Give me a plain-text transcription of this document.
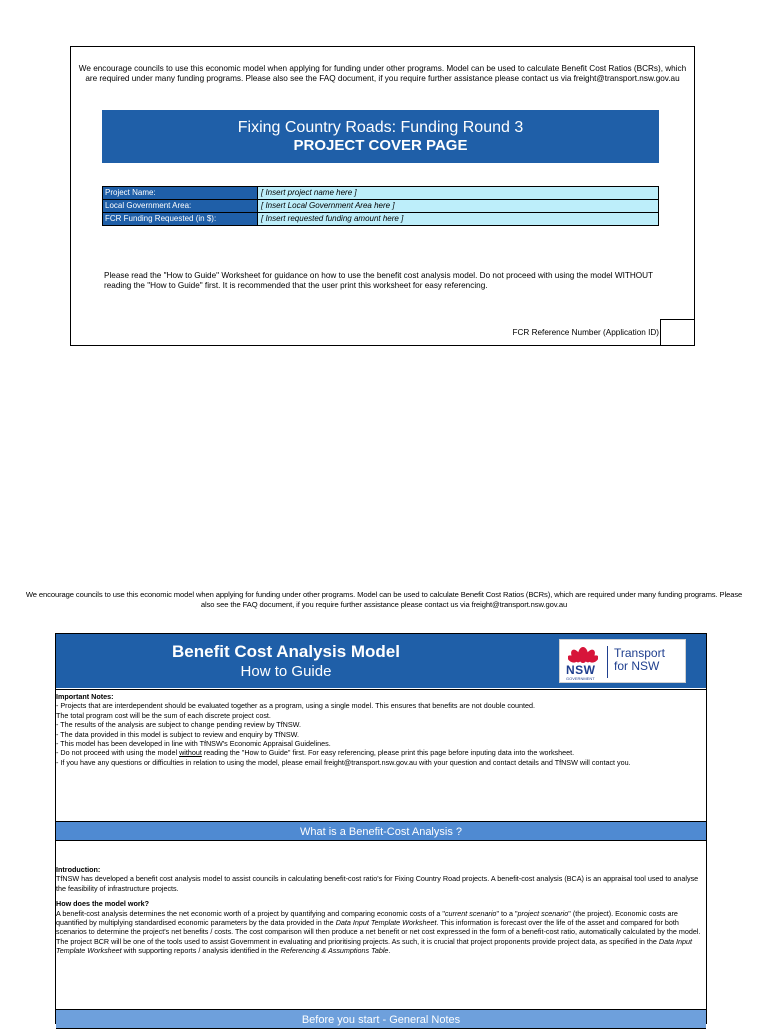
We encourage councils to use this economic model when applying for funding under other programs. Model can be used to calculate Benefit Cost Ratios (BCRs), which are required under many funding programs. Please also see the FAQ document, if you require further assistance please contact us via freight@transport.nsw.gov.au
Fixing Country Roads: Funding Round 3
PROJECT COVER PAGE
Project Name:	[ Insert project name here ]
Local Government Area:	[ Insert Local Government Area here ]
FCR Funding Requested (in $):	[ Insert requested funding amount here ]
Please read the "How to Guide" Worksheet for guidance on how to use the benefit cost analysis model. Do not proceed with using the model WITHOUT reading the "How to Guide" first. It is recommended that the user print this worksheet for easy referencing.
FCR Reference Number (Application ID)
We encourage councils to use this economic model when applying for funding under other programs. Model can be used to calculate Benefit Cost Ratios (BCRs), which are required under many funding programs. Please also see the FAQ document, if you require further assistance please contact us via freight@transport.nsw.gov.au
Benefit Cost Analysis Model
How to Guide	NSW
GOVERNMENT
Transport
for NSW
Important Notes:
- Projects that are interdependent should be evaluated together as a program, using a single model. This ensures that benefits are not double counted.
The total program cost will be the sum of each discrete project cost.
- The results of the analysis are subject to change pending review by TfNSW.
- The data provided in this model is subject to review and enquiry by TfNSW.
- This model has been developed in line with TfNSW's Economic Appraisal Guidelines.
- Do not proceed with using the model without reading the "How to Guide" first. For easy referencing, please print this page before inputing data into the worksheet.
- If you have any questions or difficulties in relation to using the model, please email freight@transport.nsw.gov.au with your question and contact details and TfNSW will contact you.
What is a Benefit-Cost Analysis ?
Introduction:
TfNSW has developed a benefit cost analysis model to assist councils in calculating benefit-cost ratio's for Fixing Country Road projects. A benefit-cost analysis (BCA) is an appraisal tool used to analyse the feasibility of infrastructure projects.
How does the model work?
A benefit-cost analysis determines the net economic worth of a project by quantifying and comparing economic costs of a "current scenario" to a "project scenario" (the project). Economic costs are quantified by multiplying standardised economic parameters by the data provided in the Data Input Template Worksheet. This information is forecast over the life of the asset and compared for both scenarios to determine the project's net benefits / costs. The cost comparison will then produce a net benefit or net cost expressed in the form of a benefit-cost ratio, automatically calculated by the model. The project BCR will be one of the tools used to assist Government in evaluating and prioritising projects. As such, it is crucial that project proponents provide project data, as specified in the Data Input Template Worksheet with supporting reports / analysis identified in the Referencing & Assumptions Table.
Before you start - General Notes
